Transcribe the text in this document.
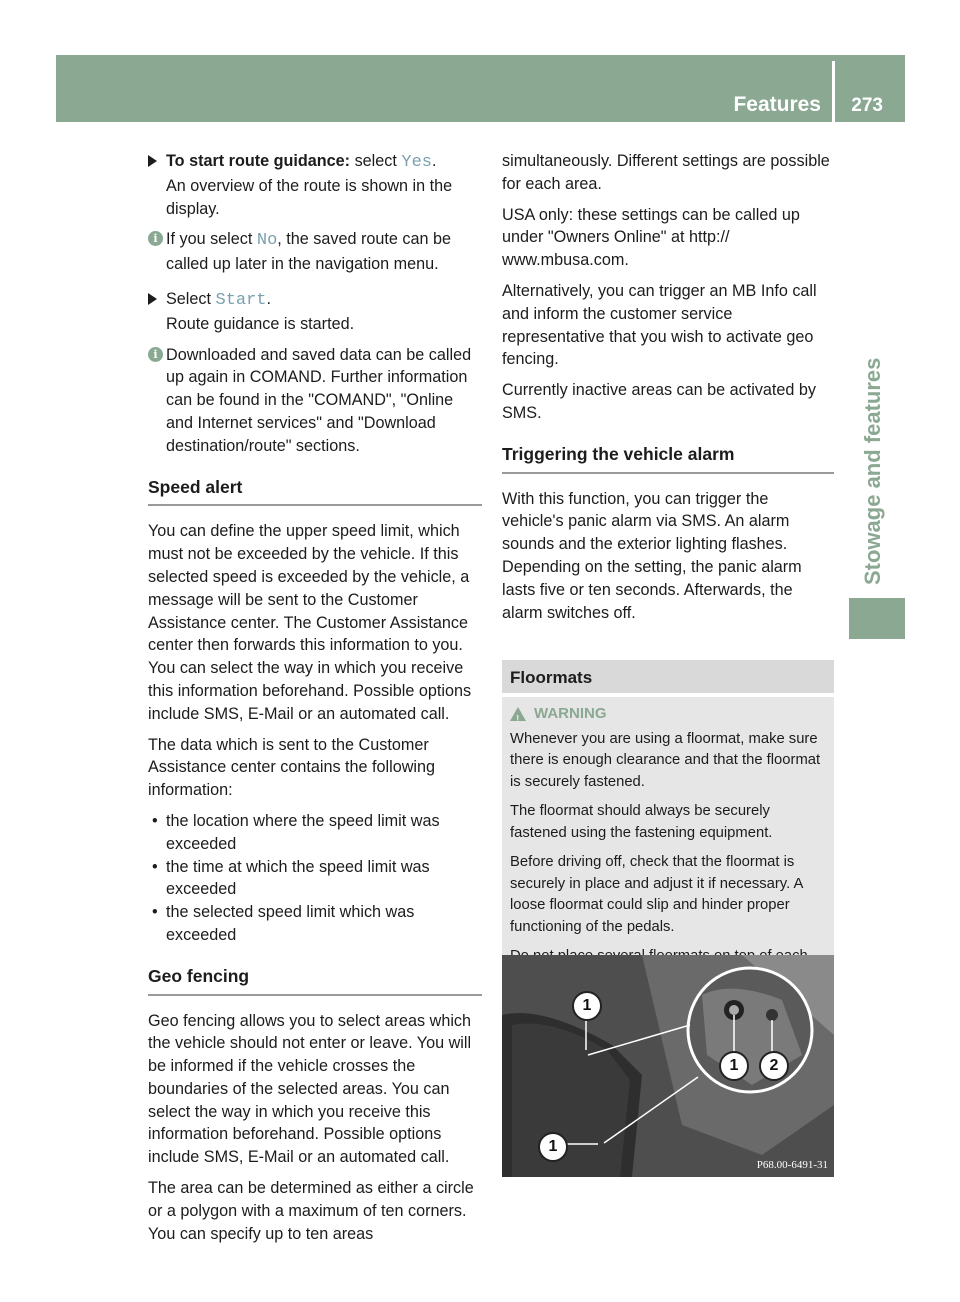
Features 273
Stowage and features
To start route guidance: select Yes.
An overview of the route is shown in the display.
i If you select No, the saved route can be called up later in the navigation menu.
Select Start.
Route guidance is started.
i Downloaded and saved data can be called up again in COMAND. Further information can be found in the "COMAND", "Online and Internet services" and "Download destination/route" sections.
Speed alert

You can define the upper speed limit, which must not be exceeded by the vehicle. If this selected speed is exceeded by the vehicle, a message will be sent to the Customer Assistance center. The Customer Assistance center then forwards this information to you. You can select the way in which you receive this information beforehand. Possible options include SMS, E-Mail or an automated call.

The data which is sent to the Customer Assistance center contains the following information:

• the location where the speed limit was exceeded
• the time at which the speed limit was exceeded
• the selected speed limit which was exceeded
Geo fencing

Geo fencing allows you to select areas which the vehicle should not enter or leave. You will be informed if the vehicle crosses the boundaries of the selected areas. You can select the way in which you receive this information beforehand. Possible options include SMS, E-Mail or an automated call.

The area can be determined as either a circle or a polygon with a maximum of ten corners. You can specify up to ten areas

simultaneously. Different settings are possible for each area.

USA only: these settings can be called up under "Owners Online" at http:// www.mbusa.com.

Alternatively, you can trigger an MB Info call and inform the customer service representative that you wish to activate geo fencing.

Currently inactive areas can be activated by SMS.

Triggering the vehicle alarm

With this function, you can trigger the vehicle's panic alarm via SMS. An alarm sounds and the exterior lighting flashes. Depending on the setting, the panic alarm lasts five or ten seconds. Afterwards, the alarm switches off.

Floormats
!
WARNING

Whenever you are using a floormat, make sure there is enough clearance and that the floormat is securely fastened.

The floormat should always be securely fastened using the fastening equipment.

Before driving off, check that the floormat is securely in place and adjust it if necessary. A loose floormat could slip and hinder proper functioning of the pedals.

1
1	2
1
P68.00-6491-31
